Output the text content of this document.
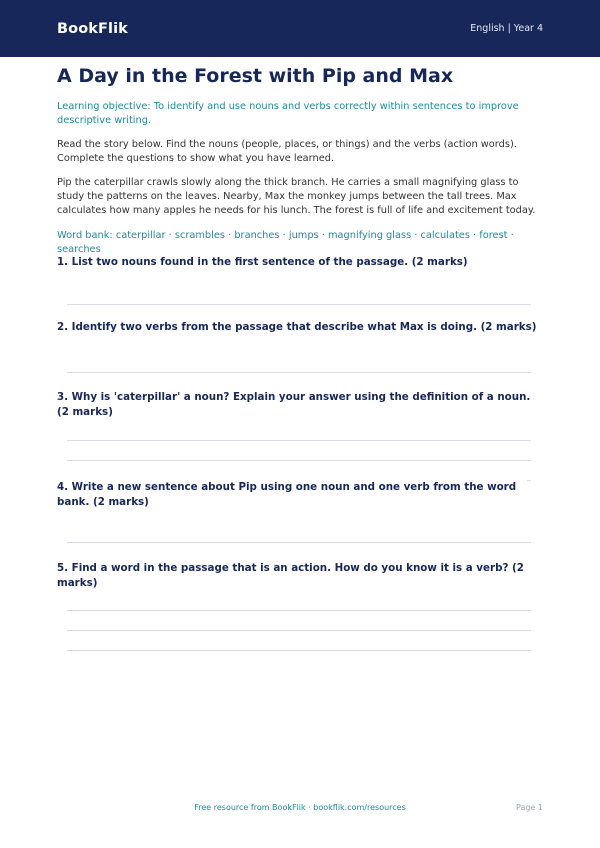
BookFlik	English | Year 4
A Day in the Forest with Pip and Max

Learning objective: To identify and use nouns and verbs correctly within sentences to improve descriptive writing.

Read the story below. Find the nouns (people, places, or things) and the verbs (action words). Complete the questions to show what you have learned.

Pip the caterpillar crawls slowly along the thick branch. He carries a small magnifying glass to study the patterns on the leaves. Nearby, Max the monkey jumps between the tall trees. Max calculates how many apples he needs for his lunch. The forest is full of life and excitement today.

Word bank: caterpillar · scrambles · branches · jumps · magnifying glass · calculates · forest · searches

1. List two nouns found in the first sentence of the passage. (2 marks)
2. Identify two verbs from the passage that describe what Max is doing. (2 marks)
3. Why is 'caterpillar' a noun? Explain your answer using the definition of a noun. (2 marks)
4. Write a new sentence about Pip using one noun and one verb from the word bank. (2 marks)
5. Find a word in the passage that is an action. How do you know it is a verb? (2 marks)
Free resource from BookFlik · bookflik.com/resources	Page 1
